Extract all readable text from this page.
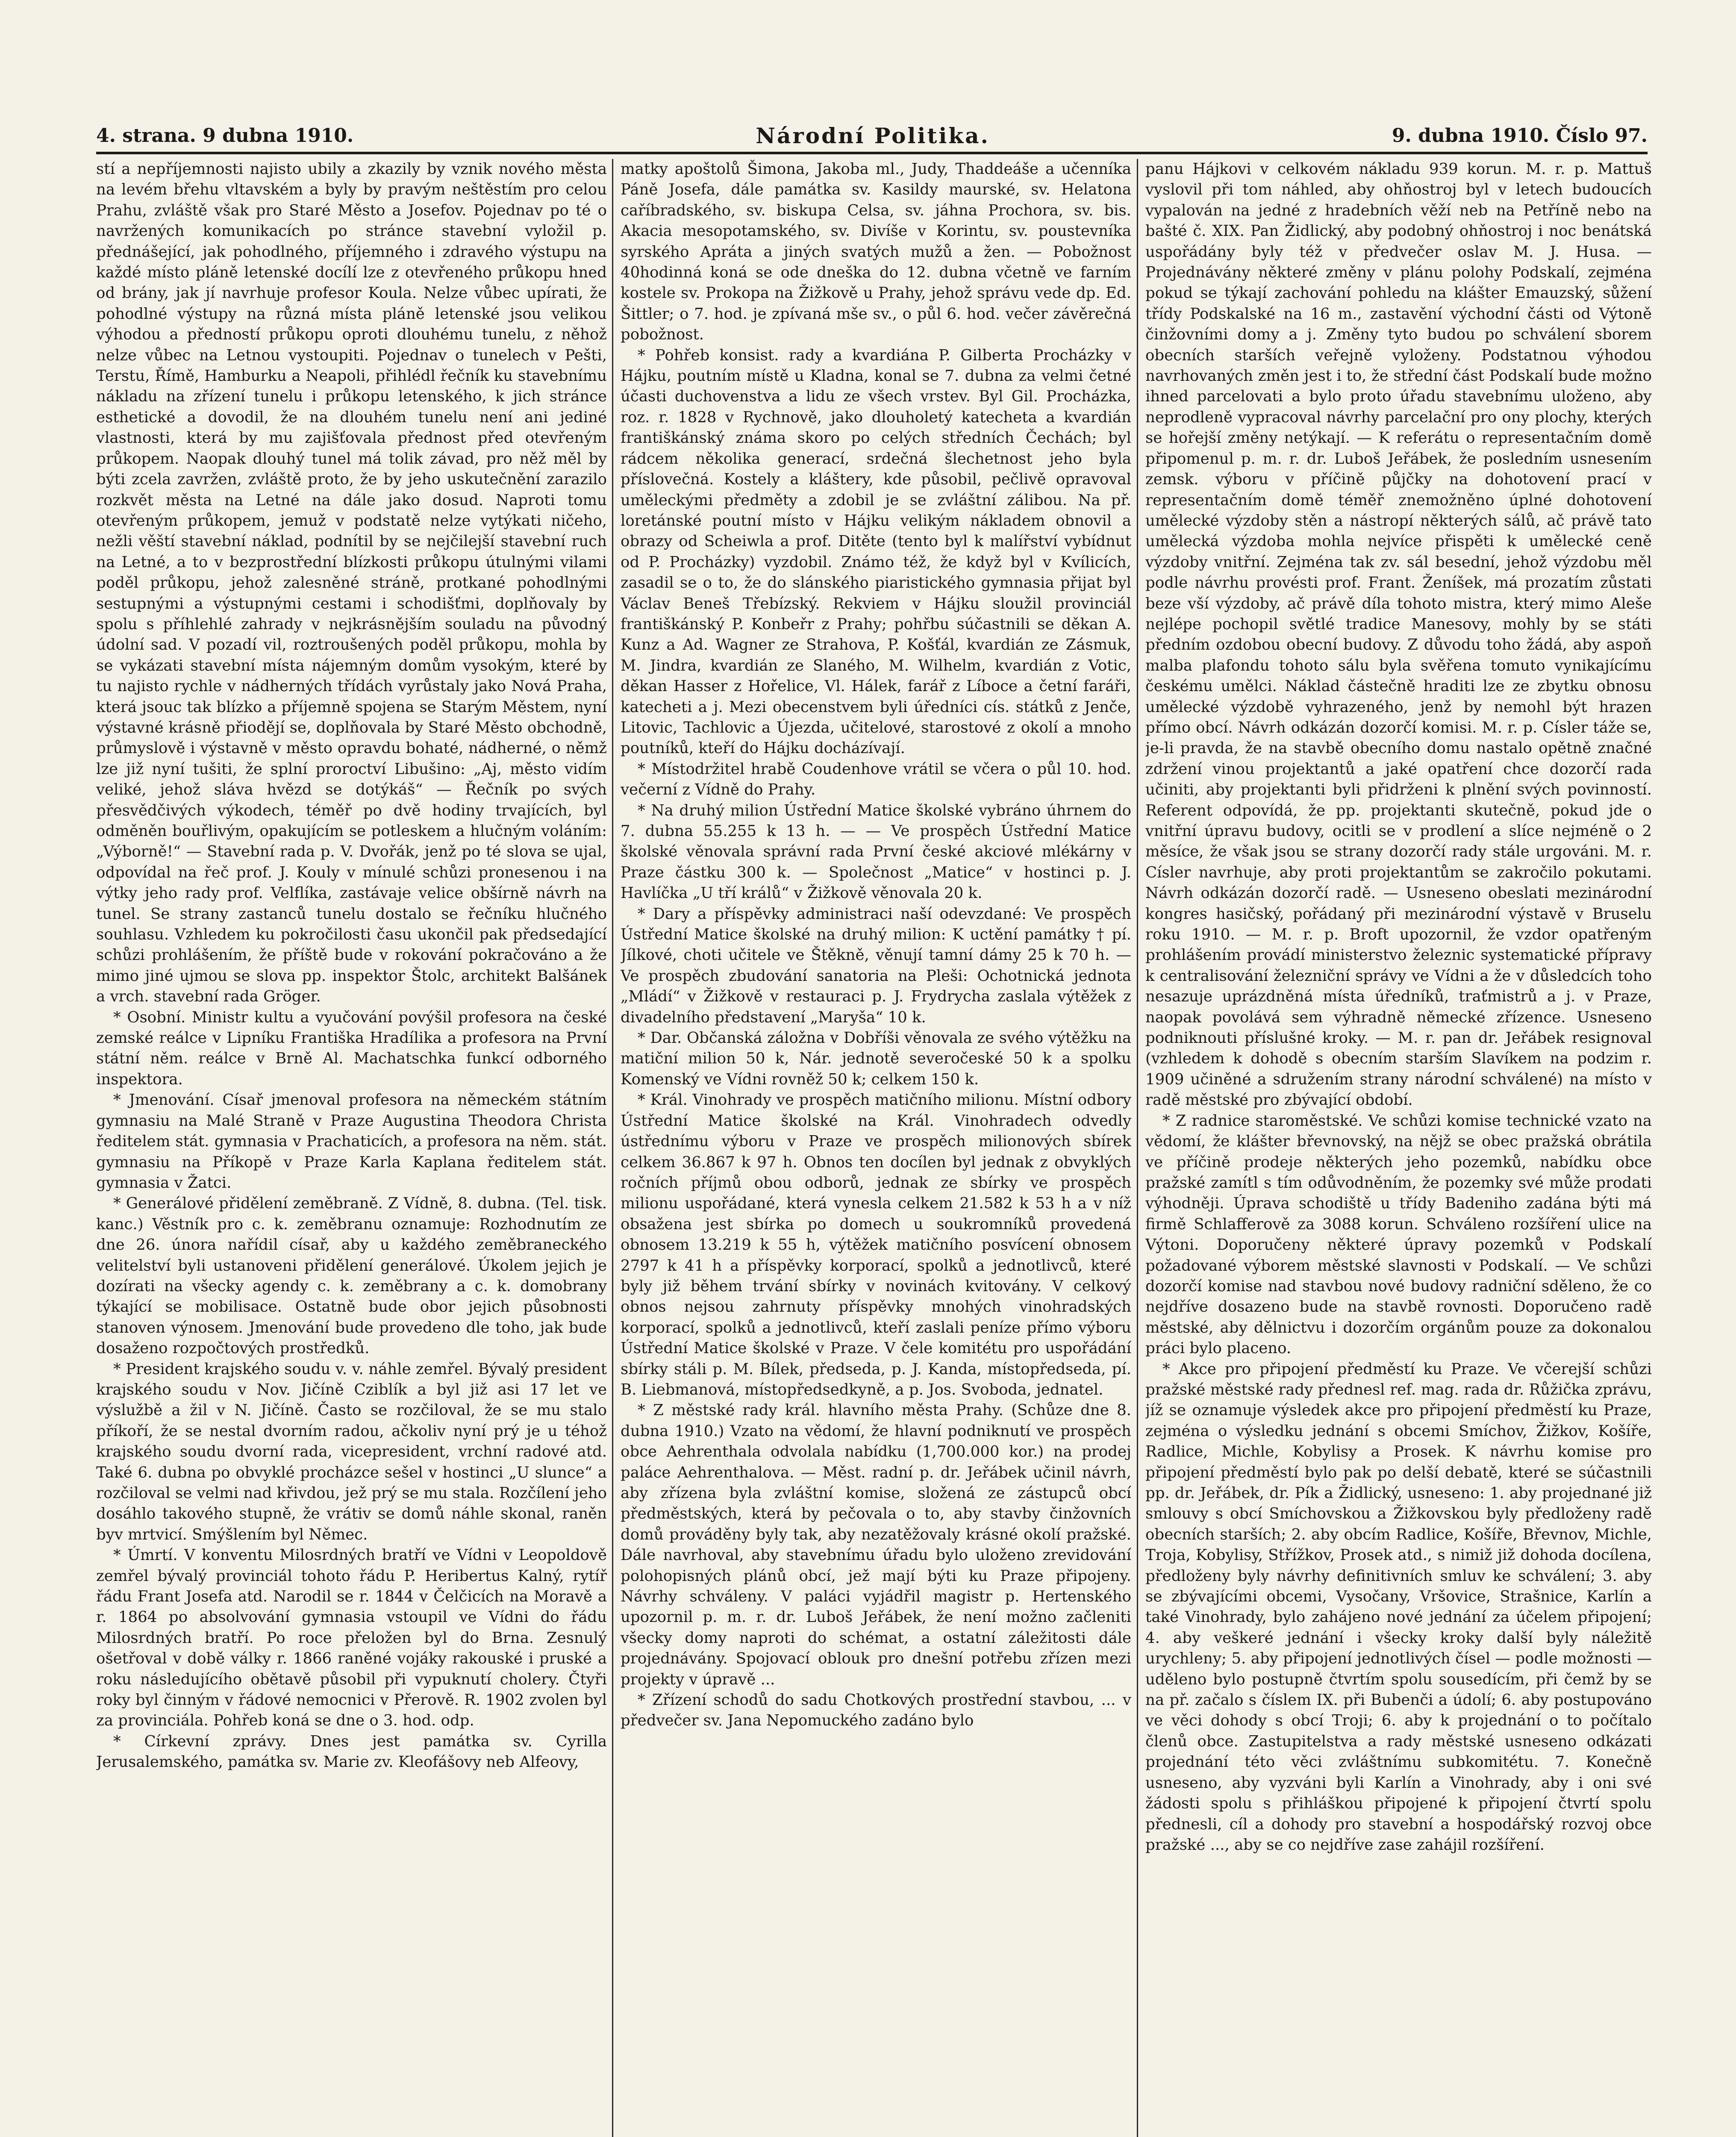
4. strana. 9 dubna 1910.	Národní Politika.	9. dubna 1910. Číslo 97.

stí a nepříjemnosti najisto ubily a zkazily by vznik nového města na levém břehu vltavském a byly by pravým neštěstím pro celou Prahu, zvláště však pro Staré Město a Josefov. Pojednav po té o navržených komunikacích po stránce stavební vyložil p. přednášející, jak pohodlného, příjemného i zdravého výstupu na každé místo pláně letenské docílí lze z otevřeného průkopu hned od brány, jak jí navrhuje profesor Koula. Nelze vůbec upírati, že pohodlné výstupy na různá místa pláně letenské jsou velikou výhodou a předností průkopu oproti dlouhému tunelu, z něhož nelze vůbec na Letnou vystoupiti. Pojednav o tunelech v Pešti, Terstu, Římě, Hamburku a Neapoli, přihlédl řečník ku stavebnímu nákladu na zřízení tunelu i průkopu letenského, k jich stránce esthetické a dovodil, že na dlouhém tunelu není ani jediné vlastnosti, která by mu zajišťovala přednost před otevřeným průkopem. Naopak dlouhý tunel má tolik závad, pro něž měl by býti zcela zavržen, zvláště proto, že by jeho uskutečnění zarazilo rozkvět města na Letné na dále jako dosud. Naproti tomu otevřeným průkopem, jemuž v podstatě nelze vytýkati ničeho, nežli věští stavební náklad, podnítil by se nejčilejší stavební ruch na Letné, a to v bezprostřední blízkosti průkopu útulnými vilami poděl průkopu, jehož zalesněné stráně, protkané pohodlnými sestupnými a výstupnými cestami i schodišťmi, doplňovaly by spolu s příhlehlé zahrady v nejkrásnějším souladu na původný údolní sad. V pozadí vil, roztroušených poděl průkopu, mohla by se vykázati stavební místa nájemným domům vysokým, které by tu najisto rychle v nádherných třídách vyrůstaly jako Nová Praha, která jsouc tak blízko a příjemně spojena se Starým Městem, nyní výstavné krásně přiodějí se, doplňovala by Staré Město obchodně, průmyslově i výstavně v město opravdu bohaté, nádherné, o němž lze již nyní tušiti, že splní proroctví Libušino: „Aj, město vidím veliké, jehož sláva hvězd se dotýkáš“ — Řečník po svých přesvědčivých výkodech, téměř po dvě hodiny trvajících, byl odměněn bouřlivým, opakujícím se potleskem a hlučným voláním: „Výborně!“ — Stavební rada p. V. Dvořák, jenž po té slova se ujal, odpovídal na řeč prof. J. Kouly v mínulé schůzi pronesenou i na výtky jeho rady prof. Velflíka, zastávaje velice obšírně návrh na tunel. Se strany zastanců tunelu dostalo se řečníku hlučného souhlasu. Vzhledem ku pokročilosti času ukončil pak předsedající schůzi prohlášením, že příště bude v rokování pokračováno a že mimo jiné ujmou se slova pp. inspektor Štolc, architekt Balšánek a vrch. stavební rada Gröger.

* Osobní. Ministr kultu a vyučování povýšil profesora na české zemské reálce v Lipníku Františka Hradílika a profesora na První státní něm. reálce v Brně Al. Machatschka funkcí odborného inspektora.

* Jmenování. Císař jmenoval profesora na německém státním gymnasiu na Malé Straně v Praze Augustina Theodora Christa ředitelem stát. gymnasia v Prachaticích, a profesora na něm. stát. gymnasiu na Příkopě v Praze Karla Kaplana ředitelem stát. gymnasia v Žatci.

* Generálové přidělení zeměbraně. Z Vídně, 8. dubna. (Tel. tisk. kanc.) Věstník pro c. k. zeměbranu oznamuje: Rozhodnutím ze dne 26. února nařídil císař, aby u každého zeměbraneckého velitelství byli ustanoveni přidělení generálové. Úkolem jejich je dozírati na všecky agendy c. k. zeměbrany a c. k. domobrany týkající se mobilisace. Ostatně bude obor jejich působnosti stanoven výnosem. Jmenování bude provedeno dle toho, jak bude dosaženo rozpočtových prostředků.

* President krajského soudu v. v. náhle zemřel. Bývalý president krajského soudu v Nov. Jičíně Cziblík a byl již asi 17 let ve výslužbě a žil v N. Jičíně. Často se rozčiloval, že se mu stalo příkoří, že se nestal dvorním radou, ačkoliv nyní prý je u téhož krajského soudu dvorní rada, vicepresident, vrchní radové atd. Také 6. dubna po obvyklé procházce sešel v hostinci „U slunce“ a rozčiloval se velmi nad křivdou, jež prý se mu stala. Rozčílení jeho dosáhlo takového stupně, že vrátiv se domů náhle skonal, raněn byv mrtvicí. Smýšlením byl Němec.

* Úmrtí. V konventu Milosrdných bratří ve Vídni v Leopoldově zemřel bývalý provinciál tohoto řádu P. Heribertus Kalný, rytíř řádu Frant Josefa atd. Narodil se r. 1844 v Čelčicích na Moravě a r. 1864 po absolvování gymnasia vstoupil ve Vídni do řádu Milosrdných bratří. Po roce přeložen byl do Brna. Zesnulý ošetřoval v době války r. 1866 raněné vojáky rakouské i pruské a roku následujícího obětavě působil při vypuknutí cholery. Čtyři roky byl činným v řádové nemocnici v Přerově. R. 1902 zvolen byl za provinciála. Pohřeb koná se dne o 3. hod. odp.

* Církevní zprávy. Dnes jest památka sv. Cyrilla Jerusalemského, památka sv. Marie zv. Kleofášovy neb Alfeovy,

matky apoštolů Šimona, Jakoba ml., Judy, Thaddeáše a učenníka Páně Josefa, dále památka sv. Kasildy maurské, sv. Helatona caříbradského, sv. biskupa Celsa, sv. jáhna Prochora, sv. bis. Akacia mesopotamského, sv. Divíše v Korintu, sv. poustevníka syrského Apráta a jiných svatých mužů a žen. — Pobožnost 40hodinná koná se ode dneška do 12. dubna včetně ve farním kostele sv. Prokopa na Žižkově u Prahy, jehož správu vede dp. Ed. Šittler; o 7. hod. je zpívaná mše sv., o půl 6. hod. večer závěrečná pobožnost.

* Pohřeb konsist. rady a kvardiána P. Gilberta Procházky v Hájku, poutním místě u Kladna, konal se 7. dubna za velmi četné účasti duchovenstva a lidu ze všech vrstev. Byl Gil. Procházka, roz. r. 1828 v Rychnově, jako dlouholetý katecheta a kvardián františkánský známa skoro po celých středních Čechách; byl rádcem několika generací, srdečná šlechetnost jeho byla příslovečná. Kostely a kláštery, kde působil, pečlivě opravoval uměleckými předměty a zdobil je se zvláštní zálibou. Na př. loretánské poutní místo v Hájku velikým nákladem obnovil a obrazy od Scheiwla a prof. Ditěte (tento byl k malířství vybídnut od P. Procházky) vyzdobil. Známo též, že když byl v Kvílicích, zasadil se o to, že do slánského piaristického gymnasia přijat byl Václav Beneš Třebízský. Rekviem v Hájku sloužil provinciál františkánský P. Konbeřr z Prahy; pohřbu súčastnili se děkan A. Kunz a Ad. Wagner ze Strahova, P. Košťál, kvardián ze Zásmuk, M. Jindra, kvardián ze Slaného, M. Wilhelm, kvardián z Votic, děkan Hasser z Hořelice, Vl. Hálek, farář z Líboce a četní faráři, katecheti a j. Mezi obecenstvem byli úředníci cís. státků z Jenče, Litovic, Tachlovic a Újezda, učitelové, starostové z okolí a mnoho poutníků, kteří do Hájku docházívají.

* Místodržitel hrabě Coudenhove vrátil se včera o půl 10. hod. večerní z Vídně do Prahy.

* Na druhý milion Ústřední Matice školské vybráno úhrnem do 7. dubna 55.255 k 13 h. — — Ve prospěch Ústřední Matice školské věnovala správní rada První české akciové mlékárny v Praze částku 300 k. — Společnost „Matice“ v hostinci p. J. Havlíčka „U tří králů“ v Žižkově věnovala 20 k.

* Dary a příspěvky administraci naší odevzdané: Ve prospěch Ústřední Matice školské na druhý milion: K uctění památky † pí. Jílkové, choti učitele ve Štěkně, věnují tamní dámy 25 k 70 h. — Ve prospěch zbudování sanatoria na Pleši: Ochotnická jednota „Mládí“ v Žižkově v restauraci p. J. Frydrycha zaslala výtěžek z divadelního představení „Maryša“ 10 k.

* Dar. Občanská záložna v Dobříši věnovala ze svého výtěžku na matiční milion 50 k, Nár. jednotě severočeské 50 k a spolku Komenský ve Vídni rovněž 50 k; celkem 150 k.

* Král. Vinohrady ve prospěch matičního milionu. Místní odbory Ústřední Matice školské na Král. Vinohradech odvedly ústřednímu výboru v Praze ve prospěch milionových sbírek celkem 36.867 k 97 h. Obnos ten docílen byl jednak z obvyklých ročních příjmů obou odborů, jednak ze sbírky ve prospěch milionu uspořádané, která vynesla celkem 21.582 k 53 h a v níž obsažena jest sbírka po domech u soukromníků provedená obnosem 13.219 k 55 h, výtěžek matičního posvícení obnosem 2797 k 41 h a příspěvky korporací, spolků a jednotlivců, které byly již během trvání sbírky v novinách kvitovány. V celkový obnos nejsou zahrnuty příspěvky mnohých vinohradských korporací, spolků a jednotlivců, kteří zaslali peníze přímo výboru Ústřední Matice školské v Praze. V čele komitétu pro uspořádání sbírky stáli p. M. Bílek, předseda, p. J. Kanda, místopředseda, pí. B. Liebmanová, místopředsedkyně, a p. Jos. Svoboda, jednatel.

* Z městské rady král. hlavního města Prahy. (Schůze dne 8. dubna 1910.) Vzato na vědomí, že hlavní podniknutí ve prospěch obce Aehrenthala odvolala nabídku (1,700.000 kor.) na prodej paláce Aehrenthalova. — Měst. radní p. dr. Jeřábek učinil návrh, aby zřízena byla zvláštní komise, složená ze zástupců obcí předměstských, která by pečovala o to, aby stavby činžovních domů prováděny byly tak, aby nezatěžovaly krásné okolí pražské. Dále navrhoval, aby stavebnímu úřadu bylo uloženo zrevidování polohopisných plánů obcí, jež mají býti ku Praze připojeny. Návrhy schváleny. V paláci vyjádřil magistr p. Hertenského upozornil p. m. r. dr. Luboš Jeřábek, že není možno začleniti všecky domy naproti do schémat, a ostatní záležitosti dále projednávány. Spojovací oblouk pro dnešní potřebu zřízen mezi projekty v úpravě ...

* Zřízení schodů do sadu Chotkových prostřední stavbou, ... v předvečer sv. Jana Nepomuckého zadáno bylo

panu Hájkovi v celkovém nákladu 939 korun. M. r. p. Mattuš vyslovil při tom náhled, aby ohňostroj byl v letech budoucích vypalován na jedné z hradebních věží neb na Petříně nebo na bašté č. XIX. Pan Židlický, aby podobný ohňostroj i noc benátská uspořádány byly též v předvečer oslav M. J. Husa. — Projednávány některé změny v plánu polohy Podskalí, zejména pokud se týkají zachování pohledu na klášter Emauzský, sůžení třídy Podskalské na 16 m., zastavění východní části od Výtoně činžovními domy a j. Změny tyto budou po schválení sborem obecních starších veřejně vyloženy. Podstatnou výhodou navrhovaných změn jest i to, že střední část Podskalí bude možno ihned parcelovati a bylo proto úřadu stavebnímu uloženo, aby neprodleně vypracoval návrhy parcelační pro ony plochy, kterých se hořejší změny netýkají. — K referátu o representačním domě připomenul p. m. r. dr. Luboš Jeřábek, že posledním usnesením zemsk. výboru v příčině půjčky na dohotovení prací v representačním domě téměř znemožněno úplné dohotovení umělecké výzdoby stěn a nástropí některých sálů, ač právě tato umělecká výzdoba mohla nejvíce přispěti k umělecké ceně výzdoby vnitřní. Zejména tak zv. sál besední, jehož výzdobu měl podle návrhu provésti prof. Frant. Ženíšek, má prozatím zůstati beze vší výzdoby, ač právě díla tohoto mistra, který mimo Aleše nejlépe pochopil světlé tradice Manesovy, mohly by se státi předním ozdobou obecní budovy. Z důvodu toho žádá, aby aspoň malba plafondu tohoto sálu byla svěřena tomuto vynikajícímu českému umělci. Náklad částečně hraditi lze ze zbytku obnosu umělecké výzdobě vyhrazeného, jenž by nemohl být hrazen přímo obcí. Návrh odkázán dozorčí komisi. M. r. p. Císler táže se, je-li pravda, že na stavbě obecního domu nastalo opětně značné zdržení vinou projektantů a jaké opatření chce dozorčí rada učiniti, aby projektanti byli přidrženi k plnění svých povinností. Referent odpovídá, že pp. projektanti skutečně, pokud jde o vnitřní úpravu budovy, ocitli se v prodlení a slíce nejméně o 2 měsíce, že však jsou se strany dozorčí rady stále urgováni. M. r. Císler navrhuje, aby proti projektantům se zakročilo pokutami. Návrh odkázán dozorčí radě. — Usneseno obeslati mezinárodní kongres hasičský, pořádaný při mezinárodní výstavě v Bruselu roku 1910. — M. r. p. Broft upozornil, že vzdor opatřeným prohlášením provádí ministerstvo železnic systematické přípravy k centralisování železniční správy ve Vídni a že v důsledcích toho nesazuje uprázdněná místa úředníků, traťmistrů a j. v Praze, naopak povolává sem výhradně německé zřízence. Usneseno podniknouti příslušné kroky. — M. r. pan dr. Jeřábek resignoval (vzhledem k dohodě s obecním starším Slavíkem na podzim r. 1909 učiněné a sdružením strany národní schválené) na místo v radě městské pro zbývající období.

* Z radnice staroměstské. Ve schůzi komise technické vzato na vědomí, že klášter břevnovský, na nějž se obec pražská obrátila ve příčině prodeje některých jeho pozemků, nabídku obce pražské zamítl s tím odůvodněním, že pozemky své může prodati výhodněji. Úprava schodiště u třídy Badeniho zadána býti má firmě Schlafferově za 3088 korun. Schváleno rozšíření ulice na Výtoni. Doporučeny některé úpravy pozemků v Podskalí požadované výborem městské slavnosti v Podskalí. — Ve schůzi dozorčí komise nad stavbou nové budovy radniční sděleno, že co nejdříve dosazeno bude na stavbě rovnosti. Doporučeno radě městské, aby dělnictvu i dozorčím orgánům pouze za dokonalou práci bylo placeno.

* Akce pro připojení předměstí ku Praze. Ve včerejší schůzi pražské městské rady přednesl ref. mag. rada dr. Růžička zprávu, jíž se oznamuje výsledek akce pro připojení předměstí ku Praze, zejména o výsledku jednání s obcemi Smíchov, Žižkov, Košíře, Radlice, Michle, Kobylisy a Prosek. K návrhu komise pro připojení předměstí bylo pak po delší debatě, které se súčastnili pp. dr. Jeřábek, dr. Pík a Židlický, usneseno: 1. aby projednané již smlouvy s obcí Smíchovskou a Žižkovskou byly předloženy radě obecních starších; 2. aby obcím Radlice, Košíře, Břevnov, Michle, Troja, Kobylisy, Střížkov, Prosek atd., s nimiž již dohoda docílena, předloženy byly návrhy definitivních smluv ke schválení; 3. aby se zbývajícími obcemi, Vysočany, Vršovice, Strašnice, Karlín a také Vinohrady, bylo zahájeno nové jednání za účelem připojení; 4. aby veškeré jednání i všecky kroky další byly náležitě urychleny; 5. aby připojení jednotlivých čísel — podle možnosti — uděleno bylo postupně čtvrtím spolu sousedícím, při čemž by se na př. začalo s číslem IX. při Bubenči a údolí; 6. aby postupováno ve věci dohody s obcí Troji; 6. aby k projednání o to počítalo členů obce. Zastupitelstva a rady městské usneseno odkázati projednání této věci zvláštnímu subkomitétu. 7. Konečně usneseno, aby vyzváni byli Karlín a Vinohrady, aby i oni své žádosti spolu s přihláškou připojené k připojení čtvrtí spolu přednesli, cíl a dohody pro stavební a hospodářský rozvoj obce pražské ..., aby se co nejdříve zase zahájil rozšíření.
